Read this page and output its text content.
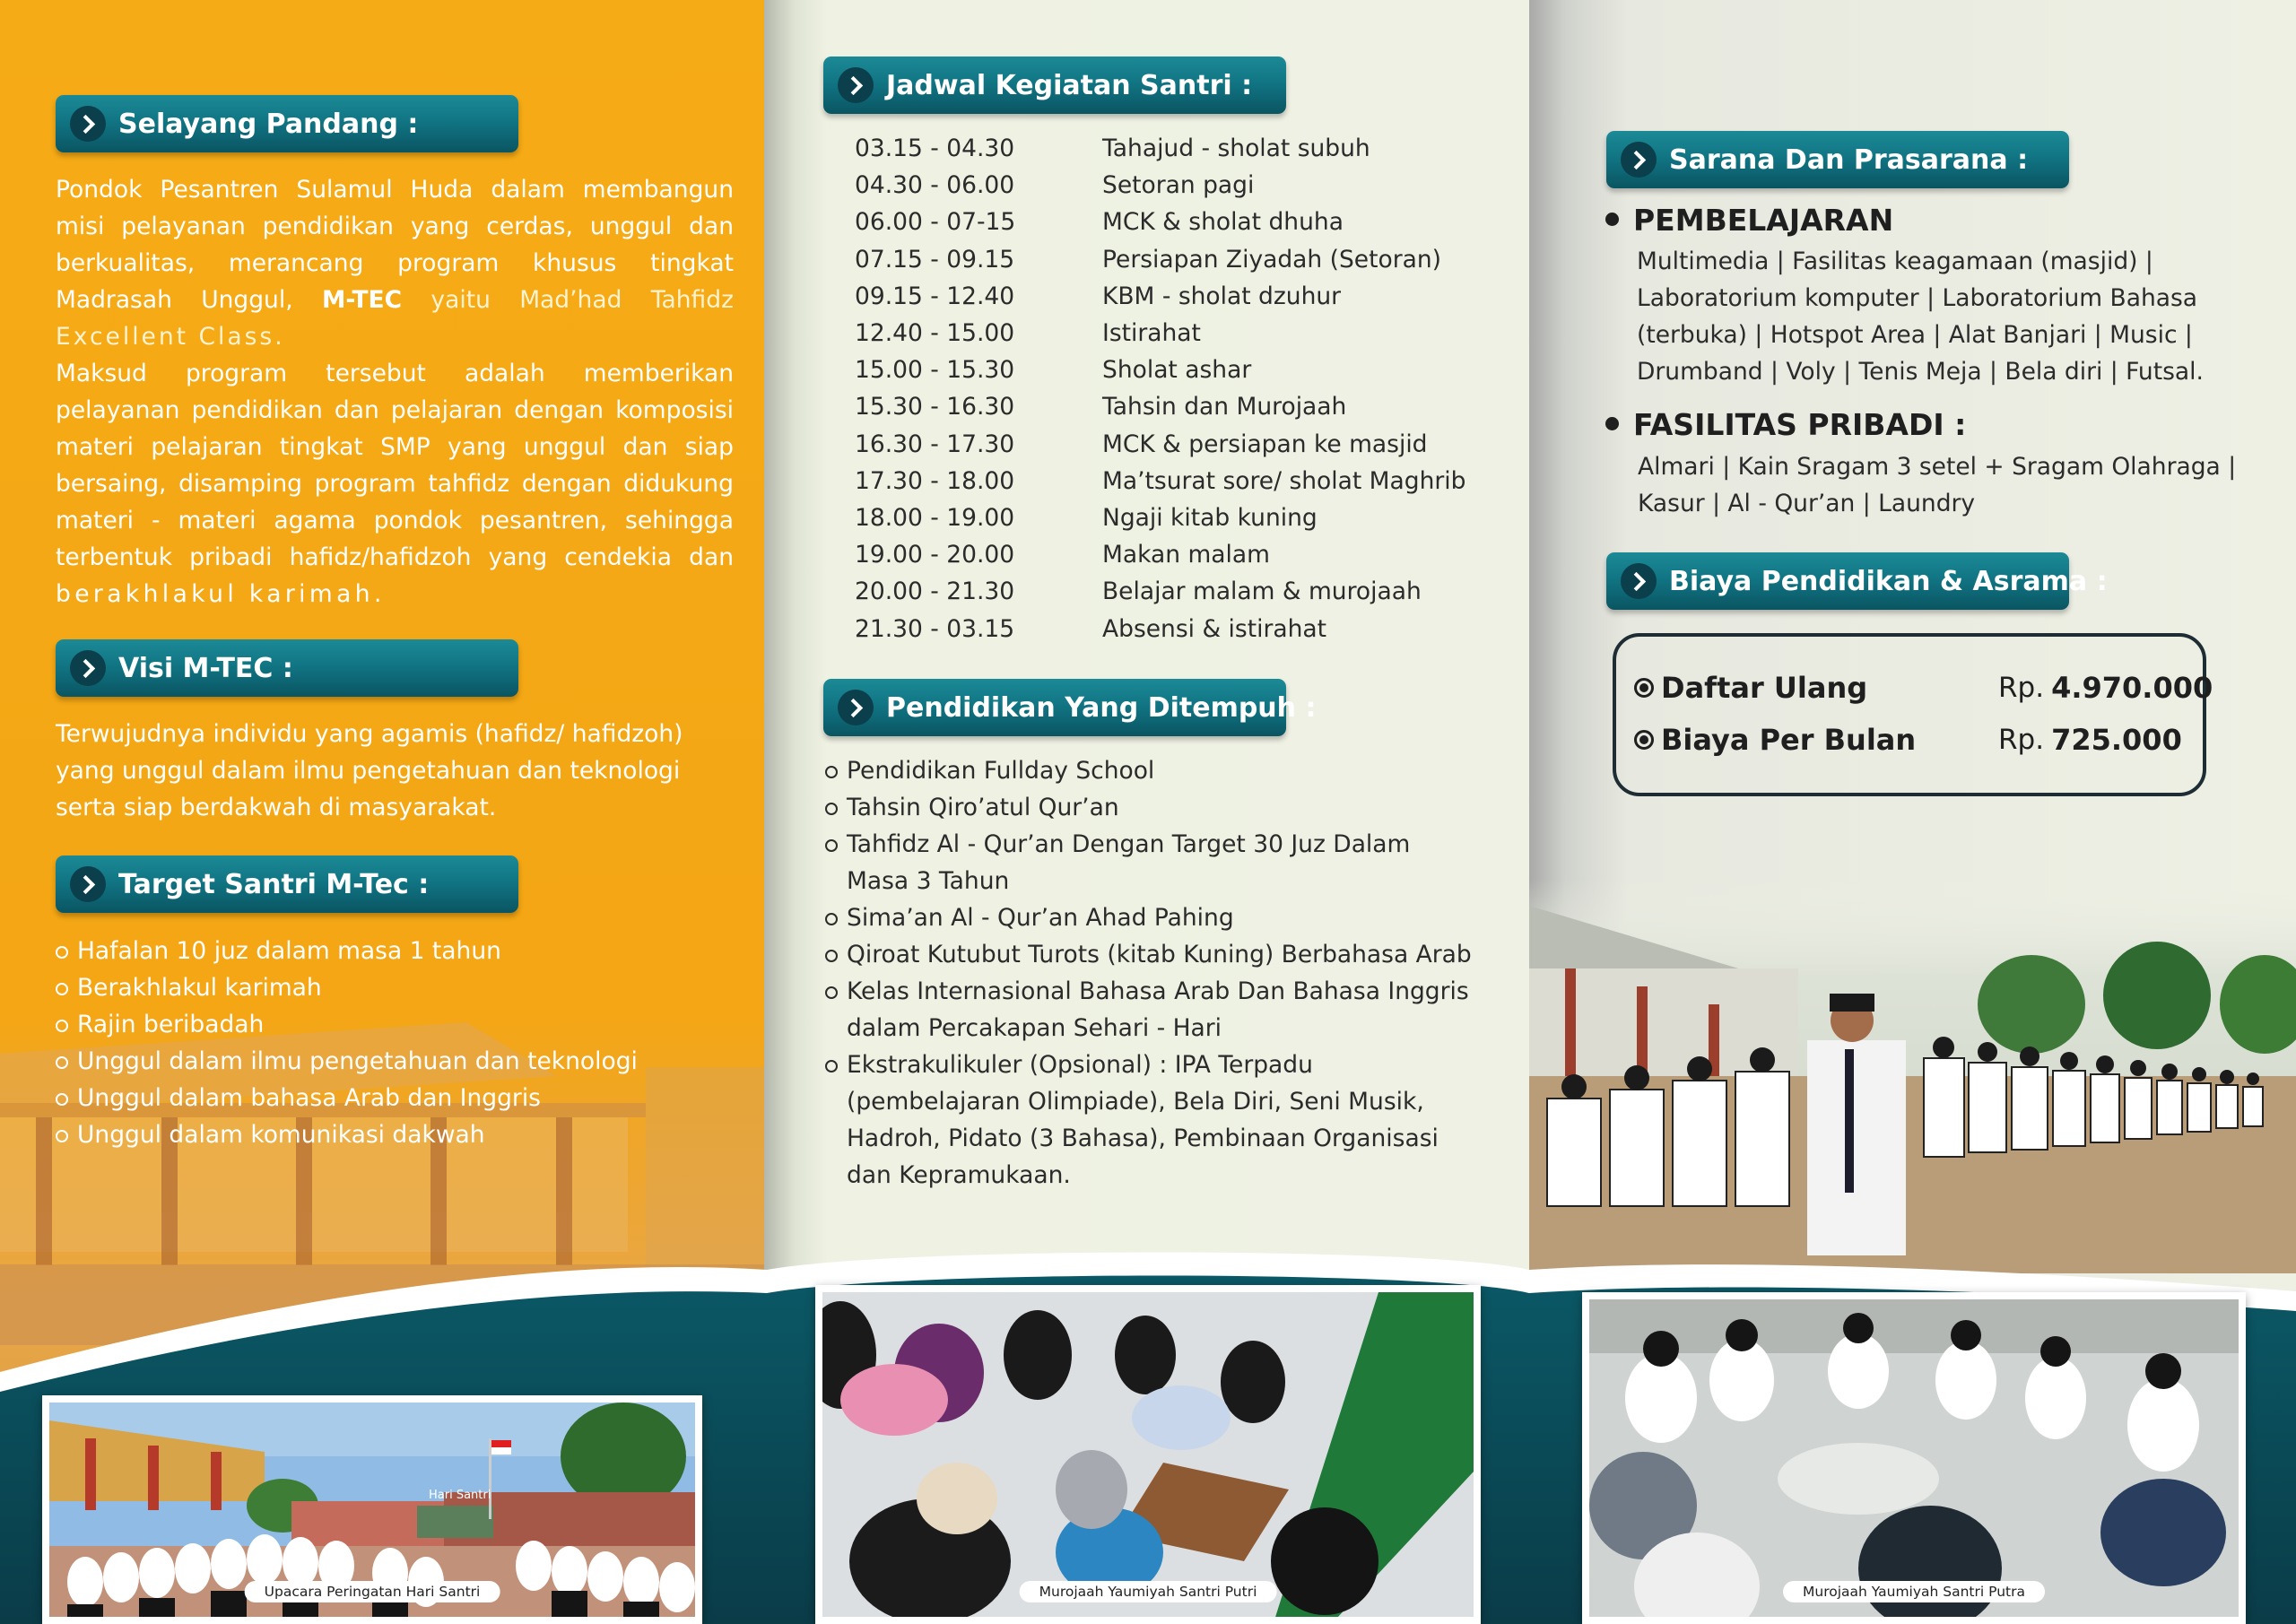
Selayang Pandang :
Pondok Pesantren Sulamul Huda dalam membangun
misi pelayanan pendidikan yang cerdas, unggul dan
berkualitas, merancang program khusus tingkat
Madrasah Unggul, M-TEC yaitu Mad’had Tahfidz
Excellent Class.
Maksud program tersebut adalah memberikan
pelayanan pendidikan dan pelajaran dengan komposisi
materi pelajaran tingkat SMP yang unggul dan siap
bersaing, disamping program tahfidz dengan didukung
materi - materi agama pondok pesantren, sehingga
terbentuk pribadi hafidz/hafidzoh yang cendekia dan
berakhlakul karimah.
Visi M-TEC :
Terwujudnya individu yang agamis (hafidz/ hafidzoh)
yang unggul dalam ilmu pengetahuan dan teknologi
serta siap berdakwah di masyarakat.
Target Santri M-Tec :
Hafalan 10 juz dalam masa 1 tahun
Berakhlakul karimah
Rajin beribadah
Unggul dalam ilmu pengetahuan dan teknologi
Unggul dalam bahasa Arab dan Inggris
Unggul dalam komunikasi dakwah
Jadwal Kegiatan Santri :
03.15 - 04.30	Tahajud - sholat subuh
04.30 - 06.00	Setoran pagi
06.00 - 07-15	MCK & sholat dhuha
07.15 - 09.15	Persiapan Ziyadah (Setoran)
09.15 - 12.40	KBM - sholat dzuhur
12.40 - 15.00	Istirahat
15.00 - 15.30	Sholat ashar
15.30 - 16.30	Tahsin dan Murojaah
16.30 - 17.30	MCK & persiapan ke masjid
17.30 - 18.00	Ma’tsurat sore/ sholat Maghrib
18.00 - 19.00	Ngaji kitab kuning
19.00 - 20.00	Makan malam
20.00 - 21.30	Belajar malam & murojaah
21.30 - 03.15	Absensi & istirahat
Pendidikan Yang Ditempuh :
Pendidikan Fullday School
Tahsin Qiro’atul Qur’an
Tahfidz Al - Qur’an Dengan Target 30 Juz Dalam
Masa 3 Tahun
Sima’an Al - Qur’an Ahad Pahing
Qiroat Kutubut Turots (kitab Kuning) Berbahasa Arab
Kelas Internasional Bahasa Arab Dan Bahasa Inggris
dalam Percakapan Sehari - Hari
Ekstrakulikuler (Opsional) : IPA Terpadu
(pembelajaran Olimpiade), Bela Diri, Seni Musik,
Hadroh, Pidato (3 Bahasa), Pembinaan Organisasi
dan Kepramukaan.
Sarana Dan Prasarana :
PEMBELAJARAN
Multimedia | Fasilitas keagamaan (masjid) |
Laboratorium komputer | Laboratorium Bahasa
(terbuka) | Hotspot Area | Alat Banjari | Music |
Drumband | Voly | Tenis Meja | Bela diri | Futsal.
FASILITAS PRIBADI :
Almari | Kain Sragam 3 setel + Sragam Olahraga |
Kasur | Al - Qur’an | Laundry
Biaya Pendidikan & Asrama :
Daftar Ulang	Rp. 4.970.000
Biaya Per Bulan	Rp. 725.000
Hari Santri
Upacara Peringatan Hari Santri	Murojaah Yaumiyah Santri Putri	Murojaah Yaumiyah Santri Putra
